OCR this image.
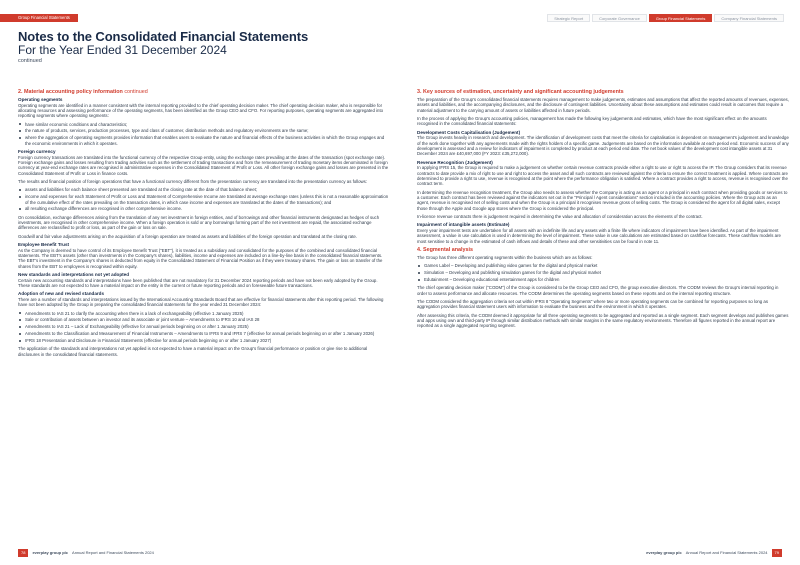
Group Financial Statements	Strategic Report	Corporate Governance	Group Financial Statements	Company Financial Statements
Notes to the Consolidated Financial Statements
For the Year Ended 31 December 2024
continued
2. Material accounting policy information continued
Operating segments
Operating segments are identified in a manner consistent with the internal reporting provided to the chief operating decision maker. The chief operating decision maker, who is responsible for allocating resources and assessing performance of the operating segments, has been identified as the Group CEO and CFO. For reporting purposes, operating segments are aggregated into reporting segments where operating segments:
have similar economic conditions and characteristics;
the nature of products, services, production processes, type and class of customer, distribution methods and regulatory environments are the same;
where the aggregation of operating segments provides information that enables users to evaluate the nature and financial effects of the business activities in which the Group engages and the economic environments in which it operates.
Foreign currency
Foreign currency transactions are translated into the functional currency of the respective Group entity, using the exchange rates prevailing at the dates of the transaction (spot exchange rate). Foreign exchange gains and losses resulting from trading activities such as the settlement of trading transactions and from the remeasurement of trading monetary items denominated in foreign currency at year-end exchange rates are recognised in administrative expenses in the Consolidated Statement of Profit or Loss. All other foreign exchange gains and losses are presented in the Consolidated Statement of Profit or Loss in finance costs.
The results and financial position of foreign operations that have a functional currency different from the presentation currency are translated into the presentation currency as follows:
assets and liabilities for each balance sheet presented are translated at the closing rate at the date of that balance sheet;
income and expenses for each Statement of Profit or Loss and Statement of Comprehensive Income are translated at average exchange rates (unless this is not a reasonable approximation of the cumulative effect of the rates prevailing on the transaction dates, in which case income and expenses are translated at the dates of the transactions); and
all resulting exchange differences are recognised in other comprehensive income.
On consolidation, exchange differences arising from the translation of any net investment in foreign entities, and of borrowings and other financial instruments designated as hedges of such investments, are recognised in other comprehensive income. When a foreign operation is sold or any borrowings forming part of the net investment are repaid, the associated exchange differences are reclassified to profit or loss, as part of the gain or loss on sale.
Goodwill and fair value adjustments arising on the acquisition of a foreign operation are treated as assets and liabilities of the foreign operation and translated at the closing rate.
Employee Benefit Trust
As the Company is deemed to have control of its Employee Benefit Trust ("EBT"), it is treated as a subsidiary and consolidated for the purposes of the combined and consolidated financial statements. The EBT's assets (other than investments in the Company's shares), liabilities, income and expenses are included on a line-by-line basis in the consolidated financial statements. The EBT's investment in the Company's shares is deducted from equity in the Consolidated Statement of Financial Position as if they were treasury shares. The gain or loss on transfer of the shares from the EBT to employees is recognised within equity.
New standards and interpretations not yet adopted
Certain new accounting standards and interpretations have been published that are not mandatory for 31 December 2024 reporting periods and have not been early adopted by the Group. These standards are not expected to have a material impact on the entity in the current or future reporting periods and on foreseeable future transactions.
Adoption of new and revised standards
There are a number of standards and interpretations issued by the International Accounting Standards Board that are effective for financial statements after this reporting period. The following have not been adopted by the Group in preparing the consolidated financial statements for the year ended 31 December 2024:
Amendments to IAS 21 to clarify the accounting when there is a lack of exchangeability (effective 1 January 2025)
Sale or contribution of assets between an investor and its associate or joint venture – Amendments to IFRS 10 and IAS 28
Amendments to IAS 21 – Lack of Exchangeability (effective for annual periods beginning on or after 1 January 2025)
Amendments to the Classification and Measurement of Financial Instruments – Amendments to IFRS 9 and IFRS 7 (effective for annual periods beginning on or after 1 January 2026)
IFRS 18 Presentation and Disclosure in Financial Statements (effective for annual periods beginning on or after 1 January 2027)
The application of the standards and interpretations not yet applied is not expected to have a material impact on the Group's financial performance or position or give rise to additional disclosures in the consolidated financial statements.
3. Key sources of estimation, uncertainty and significant accounting judgements
The preparation of the Group's consolidated financial statements requires management to make judgements, estimates and assumptions that affect the reported amounts of revenues, expenses, assets and liabilities, and the accompanying disclosures, and the disclosure of contingent liabilities. Uncertainty about these assumptions and estimates could result in outcomes that require a material adjustment to the carrying amount of assets or liabilities affected in future periods.
In the process of applying the Group's accounting policies, management has made the following key judgements and estimates, which have the most significant effect on the amounts recognised in the consolidated financial statements:
Development Costs Capitalisation (Judgement)
The Group invests heavily in research and development. The identification of development costs that meet the criteria for capitalisation is dependent on management's judgement and knowledge of the work done together with any agreements made with the rights holders of a specific game. Judgements are based on the information available at each period end. Economic success of any development is assessed and a review for indicators of impairment is completed by product at each period end date. The net book values of the development cost intangible assets at 31 December 2024 are £40,697,000 (FY 2023: £35,272,000).
Revenue Recognition (Judgement)
In applying IFRS 15, the Group is required to make a judgement on whether certain revenue contracts provide either a right to use or right to access the IP. The Group considers that its revenue contracts to date provide a mix of right to use and right to access the asset and all such contracts are reviewed against the criteria to ensure the correct treatment is applied. Where contracts are determined to provide a right to use, revenue is recognised at the point where the performance obligation is satisfied. Where a contract provides a right to access, revenue is recognised over the contract term.
In determining the revenue recognition treatment, the Group also needs to assess whether the Company is acting as an agent or a principal in each contract when providing goods or services to a customer. Each contract has been reviewed against the indicators set out in the "Principal / Agent considerations" section included in the accounting policies. Where the Group acts as an agent, revenue is recognised net of selling costs and when the Group is a principal it recognises revenue gross of selling costs. The Group is considered the agent for all digital sales, except those through the Apple and Google app stores where the Group is considered the principal.
In-licence revenue contracts there is judgement required in determining the value and allocation of consideration across the elements of the contract.
Impairment of intangible assets (Estimate)
Every year impairment tests are undertaken for all assets with an indefinite life and any assets with a finite life where indicators of impairment have been identified. As part of the impairment assessment, a value in use calculation is used in determining the level of impairment. These value in use calculations are estimated based on cashflow forecasts. These cashflow models are most sensitive to a change in the estimated of cash inflows and details of these and other sensitivities can be found in note 11.
4. Segmental analysis
The Group has three different operating segments within the business which are as follows:
Games Label – Developing and publishing video games for the digital and physical market
Simulation – Developing and publishing simulation games for the digital and physical market
Edutainment – Developing educational entertainment apps for children
The chief operating decision maker ("CODM") of the Group is considered to be the Group CEO and CFO, the group executive directors. The CODM reviews the Group's internal reporting in order to assess performance and allocate resources. The CODM determines the operating segments based on these reports and on the internal reporting structure.
The CODM considered the aggregation criteria set out within IFRS 8 "Operating Segments" where two or more operating segments can be combined for reporting purposes so long as aggregation provides financial statement users with information to evaluate the business and the environment in which it operates.
After assessing this criteria, the CODM deemed it appropriate for all three operating segments to be aggregated and reported as a single segment. Each segment develops and publishes games and apps using own and third-party IP through similar distribution methods with similar margins in the same regulatory environments. Therefore all figures reported in the annual report are reported as a single aggregated reporting segment.
78	everplay group plc Annual Report and Financial Statements 2024	everplay group plc Annual Report and Financial Statements 2024	79
